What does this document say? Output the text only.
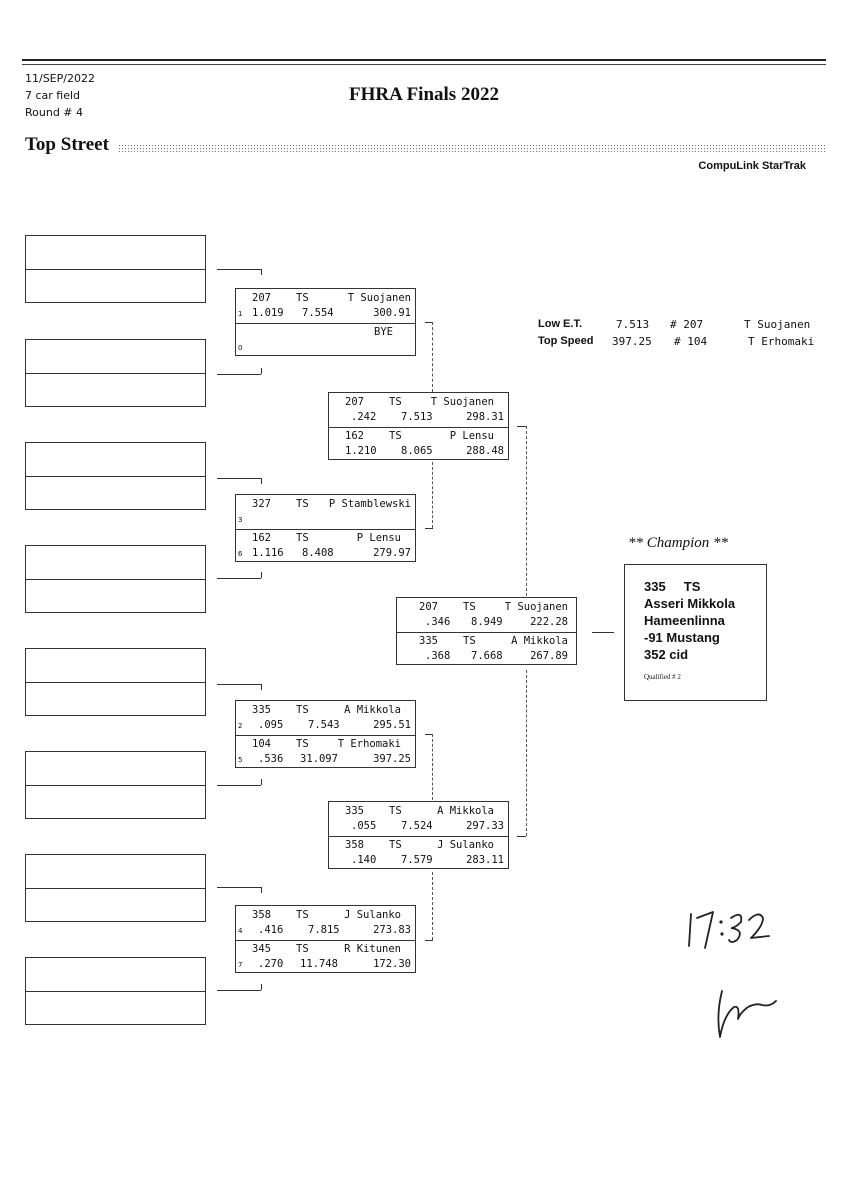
11/SEP/2022
7 car field
Round # 4
FHRA Finals 2022
Top Street
CompuLink StarTrak
207 TS	T Suojanen
1 1.019 7.554	300.91
BYE
0
327 TS P Stamblewski
3
162 TS	P Lensu
6 1.116 8.408	279.97
335 TS	A Mikkola
2 .095 7.543	295.51
104 TS	T Erhomaki
5 .536 31.097	397.25
358 TS	J Sulanko
4 .416 7.815	273.83
345 TS	R Kitunen
7 .270 11.748	172.30
207 TS	T Suojanen
.242 7.513	298.31
162 TS	P Lensu
1.210 8.065	288.48
335 TS	A Mikkola
.055 7.524	297.33
358 TS	J Sulanko
.140 7.579	283.11
207 TS	T Suojanen
.346 8.949	222.28
335 TS	A Mikkola
.368 7.668	267.89
Low E.T.	7.513 # 207	T Suojanen
Top Speed 397.25 # 104	T Erhomaki
** Champion **
335     TS
Asseri Mikkola
Hameenlinna
-91 Mustang
352 cid
Qualified # 2
